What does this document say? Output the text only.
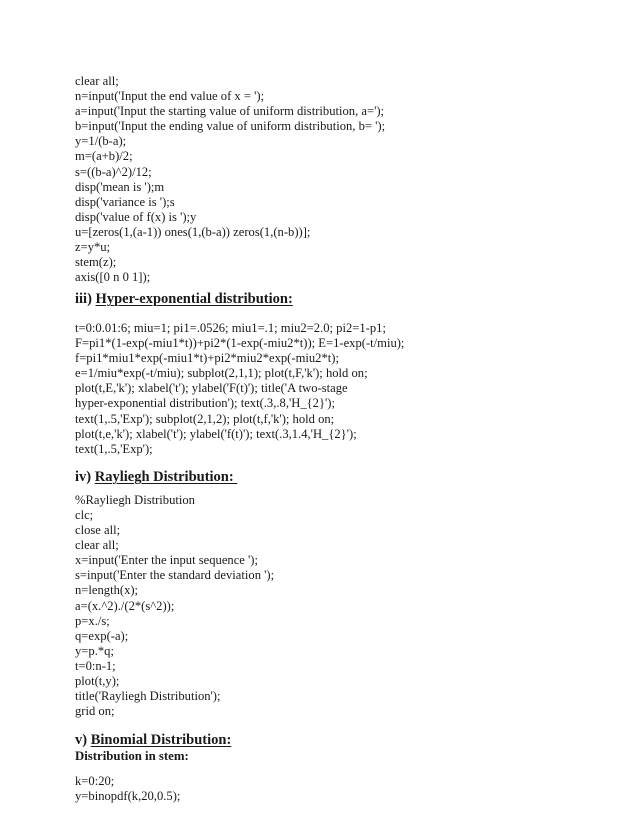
clear all;
n=input('Input the end value of x = ');
a=input('Input the starting value of uniform distribution, a=');
b=input('Input the ending value of uniform distribution, b= ');
y=1/(b-a);
m=(a+b)/2;
s=((b-a)^2)/12;
disp('mean is ');m
disp('variance is ');s
disp('value of f(x) is ');y
u=[zeros(1,(a-1)) ones(1,(b-a)) zeros(1,(n-b))];
z=y*u;
stem(z);
axis([0 n 0 1]);
iii) Hyper-exponential distribution:
t=0:0.01:6; miu=1; pi1=.0526; miu1=.1; miu2=2.0; pi2=1-p1;
F=pi1*(1-exp(-miu1*t))+pi2*(1-exp(-miu2*t)); E=1-exp(-t/miu);
f=pi1*miu1*exp(-miu1*t)+pi2*miu2*exp(-miu2*t);
e=1/miu*exp(-t/miu); subplot(2,1,1); plot(t,F,'k'); hold on;
plot(t,E,'k'); xlabel('t'); ylabel('F(t)'); title('A two-stage
hyper-exponential distribution'); text(.3,.8,'H_{2}');
text(1,.5,'Exp'); subplot(2,1,2); plot(t,f,'k'); hold on;
plot(t,e,'k'); xlabel('t'); ylabel('f(t)'); text(.3,1.4,'H_{2}');
text(1,.5,'Exp');
iv) Rayliegh Distribution:
%Rayliegh Distribution
clc;
close all;
clear all;
x=input('Enter the input sequence ');
s=input('Enter the standard deviation ');
n=length(x);
a=(x.^2)./(2*(s^2));
p=x./s;
q=exp(-a);
y=p.*q;
t=0:n-1;
plot(t,y);
title('Rayliegh Distribution');
grid on;
v) Binomial Distribution:
Distribution in stem:
k=0:20;
y=binopdf(k,20,0.5);
